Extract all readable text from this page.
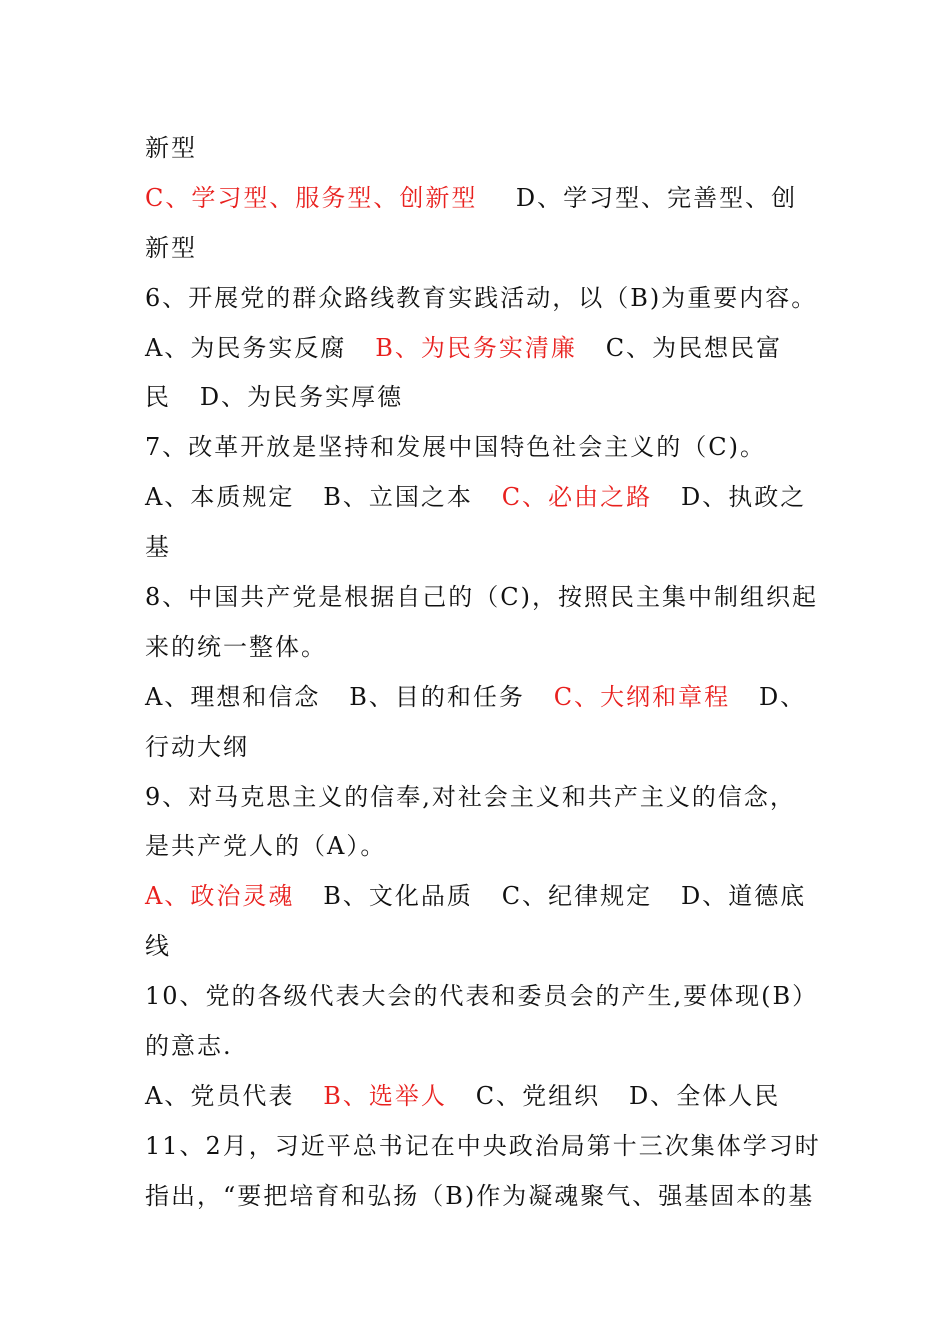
新型
C、学习型、服务型、创新型    D、学习型、完善型、创
新型
6、开展党的群众路线教育实践活动，以（B)为重要内容。
A、为民务实反腐   B、为民务实清廉   C、为民想民富
民   D、为民务实厚德
7、改革开放是坚持和发展中国特色社会主义的（C)。
A、本质规定   B、立国之本   C、必由之路   D、执政之
基
8、中国共产党是根据自己的（C)，按照民主集中制组织起
来的统一整体。
A、理想和信念   B、目的和任务   C、大纲和章程   D、
行动大纲
9、对马克思主义的信奉,对社会主义和共产主义的信念，
是共产党人的（A）。
A、政治灵魂   B、文化品质   C、纪律规定   D、道德底
线
10、党的各级代表大会的代表和委员会的产生,要体现(B）
的意志.
A、党员代表   B、选举人   C、党组织   D、全体人民
11、2月，习近平总书记在中央政治局第十三次集体学习时
指出，“要把培育和弘扬（B)作为凝魂聚气、强基固本的基
